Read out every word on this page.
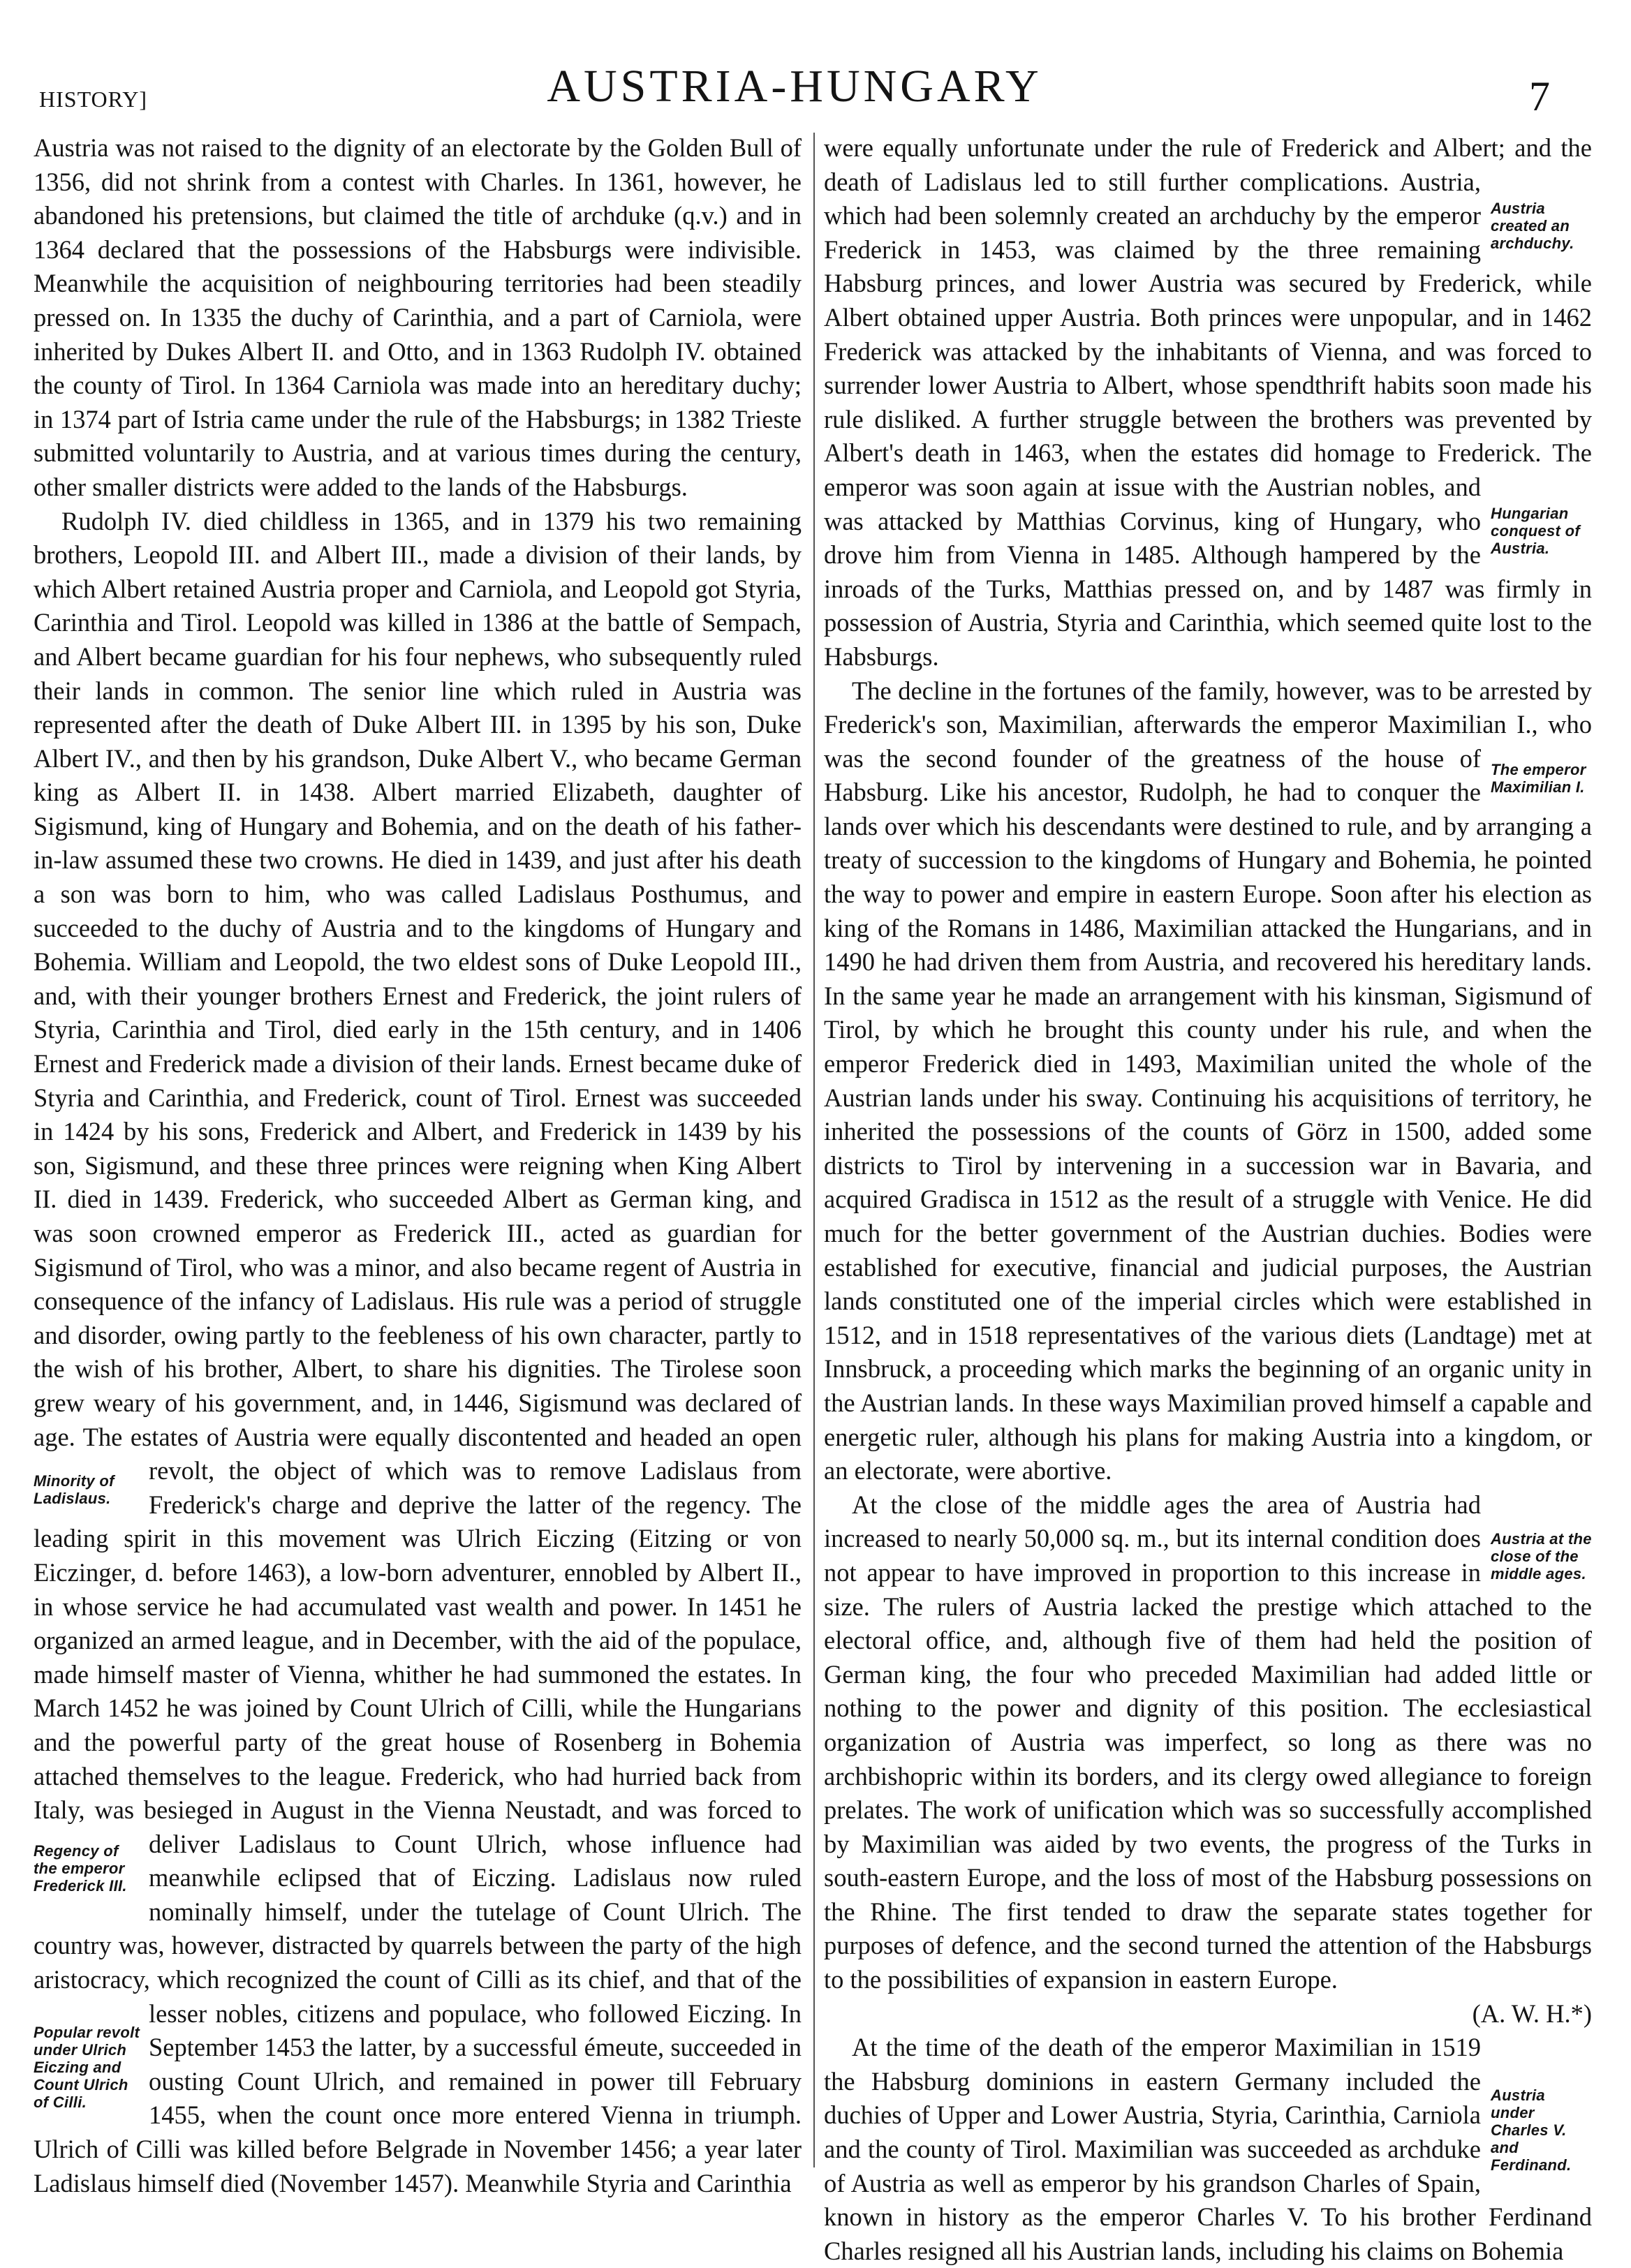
HISTORY]	AUSTRIA-HUNGARY	7

Austria was not raised to the dignity of an electorate by the Golden Bull of 1356, did not shrink from a contest with Charles. In 1361, however, he abandoned his pretensions, but claimed the title of archduke (q.v.) and in 1364 declared that the possessions of the Habsburgs were indivisible. Meanwhile the acquisition of neighbouring territories had been steadily pressed on. In 1335 the duchy of Carinthia, and a part of Carniola, were inherited by Dukes Albert II. and Otto, and in 1363 Rudolph IV. obtained the county of Tirol. In 1364 Carniola was made into an hereditary duchy; in 1374 part of Istria came under the rule of the Habsburgs; in 1382 Trieste submitted voluntarily to Austria, and at various times during the century, other smaller districts were added to the lands of the Habsburgs.

Minority of Ladislaus.
Regency of the emperor Frederick III.
Popular revolt under Ulrich Eiczing and Count Ulrich of Cilli.

Rudolph IV. died childless in 1365, and in 1379 his two remaining brothers, Leopold III. and Albert III., made a division of their lands, by which Albert retained Austria proper and Carniola, and Leopold got Styria, Carinthia and Tirol. Leopold was killed in 1386 at the battle of Sempach, and Albert became guardian for his four nephews, who subsequently ruled their lands in common. The senior line which ruled in Austria was represented after the death of Duke Albert III. in 1395 by his son, Duke Albert IV., and then by his grandson, Duke Albert V., who became German king as Albert II. in 1438. Albert married Elizabeth, daughter of Sigismund, king of Hungary and Bohemia, and on the death of his father-in-law assumed these two crowns. He died in 1439, and just after his death a son was born to him, who was called Ladislaus Posthumus, and succeeded to the duchy of Austria and to the kingdoms of Hungary and Bohemia. William and Leopold, the two eldest sons of Duke Leopold III., and, with their younger brothers Ernest and Frederick, the joint rulers of Styria, Carinthia and Tirol, died early in the 15th century, and in 1406 Ernest and Frederick made a division of their lands. Ernest became duke of Styria and Carinthia, and Frederick, count of Tirol. Ernest was succeeded in 1424 by his sons, Frederick and Albert, and Frederick in 1439 by his son, Sigismund, and these three princes were reigning when King Albert II. died in 1439. Frederick, who succeeded Albert as German king, and was soon crowned emperor as Frederick III., acted as guardian for Sigismund of Tirol, who was a minor, and also became regent of Austria in consequence of the infancy of Ladislaus. His rule was a period of struggle and disorder, owing partly to the feebleness of his own character, partly to the wish of his brother, Albert, to share his dignities. The Tirolese soon grew weary of his government, and, in 1446, Sigismund was declared of age. The estates of Austria were equally discontented and headed an open revolt, the object of which was to remove Ladislaus from Frederick's charge and deprive the latter of the regency. The leading spirit in this movement was Ulrich Eiczing (Eitzing or von Eiczinger, d. before 1463), a low-born adventurer, ennobled by Albert II., in whose service he had accumulated vast wealth and power. In 1451 he organized an armed league, and in December, with the aid of the populace, made himself master of Vienna, whither he had summoned the estates. In March 1452 he was joined by Count Ulrich of Cilli, while the Hungarians and the powerful party of the great house of Rosenberg in Bohemia attached themselves to the league. Frederick, who had hurried back from Italy, was besieged in August in the Vienna Neustadt, and was forced to deliver Ladislaus to Count Ulrich, whose influence had meanwhile eclipsed that of Eiczing. Ladislaus now ruled nominally himself, under the tutelage of Count Ulrich. The country was, however, distracted by quarrels between the party of the high aristocracy, which recognized the count of Cilli as its chief, and that of the lesser nobles, citizens and populace, who followed Eiczing. In September 1453 the latter, by a successful émeute, succeeded in ousting Count Ulrich, and remained in power till February 1455, when the count once more entered Vienna in triumph. Ulrich of Cilli was killed before Belgrade in November 1456; a year later Ladislaus himself died (November 1457). Meanwhile Styria and Carinthia

Austria created an archduchy.
Hungarian conquest of Austria.
The emperor Maximilian I.

were equally unfortunate under the rule of Frederick and Albert; and the death of Ladislaus led to still further complications. Austria, which had been solemnly created an archduchy by the emperor Frederick in 1453, was claimed by the three remaining Habsburg princes, and lower Austria was secured by Frederick, while Albert obtained upper Austria. Both princes were unpopular, and in 1462 Frederick was attacked by the inhabitants of Vienna, and was forced to surrender lower Austria to Albert, whose spendthrift habits soon made his rule disliked. A further struggle between the brothers was prevented by Albert's death in 1463, when the estates did homage to Frederick. The emperor was soon again at issue with the Austrian nobles, and was attacked by Matthias Corvinus, king of Hungary, who drove him from Vienna in 1485. Although hampered by the inroads of the Turks, Matthias pressed on, and by 1487 was firmly in possession of Austria, Styria and Carinthia, which seemed quite lost to the Habsburgs.

The decline in the fortunes of the family, however, was to be arrested by Frederick's son, Maximilian, afterwards the emperor Maximilian I., who was the second founder of the greatness of the house of Habsburg. Like his ancestor, Rudolph, he had to conquer the lands over which his descendants were destined to rule, and by arranging a treaty of succession to the kingdoms of Hungary and Bohemia, he pointed the way to power and empire in eastern Europe. Soon after his election as king of the Romans in 1486, Maximilian attacked the Hungarians, and in 1490 he had driven them from Austria, and recovered his hereditary lands. In the same year he made an arrangement with his kinsman, Sigismund of Tirol, by which he brought this county under his rule, and when the emperor Frederick died in 1493, Maximilian united the whole of the Austrian lands under his sway. Continuing his acquisitions of territory, he inherited the possessions of the counts of Görz in 1500, added some districts to Tirol by intervening in a succession war in Bavaria, and acquired Gradisca in 1512 as the result of a struggle with Venice. He did much for the better government of the Austrian duchies. Bodies were established for executive, financial and judicial purposes, the Austrian lands constituted one of the imperial circles which were established in 1512, and in 1518 representatives of the various diets (Landtage) met at Innsbruck, a proceeding which marks the beginning of an organic unity in the Austrian lands. In these ways Maximilian proved himself a capable and energetic ruler, although his plans for making Austria into a kingdom, or an electorate, were abortive.

Austria at the close of the middle ages.

At the close of the middle ages the area of Austria had increased to nearly 50,000 sq. m., but its internal condition does not appear to have improved in proportion to this increase in size. The rulers of Austria lacked the prestige which attached to the electoral office, and, although five of them had held the position of German king, the four who preceded Maximilian had added little or nothing to the power and dignity of this position. The ecclesiastical organization of Austria was imperfect, so long as there was no archbishopric within its borders, and its clergy owed allegiance to foreign prelates. The work of unification which was so successfully accomplished by Maximilian was aided by two events, the progress of the Turks in south-eastern Europe, and the loss of most of the Habsburg possessions on the Rhine. The first tended to draw the separate states together for purposes of defence, and the second turned the attention of the Habsburgs to the possibilities of expansion in eastern Europe.

(A. W. H.*)
Austria under Charles V. and Ferdinand.

At the time of the death of the emperor Maximilian in 1519 the Habsburg dominions in eastern Germany included the duchies of Upper and Lower Austria, Styria, Carinthia, Carniola and the county of Tirol. Maximilian was succeeded as archduke of Austria as well as emperor by his grandson Charles of Spain, known in history as the emperor Charles V. To his brother Ferdinand Charles resigned all his Austrian lands, including his claims on Bohemia
